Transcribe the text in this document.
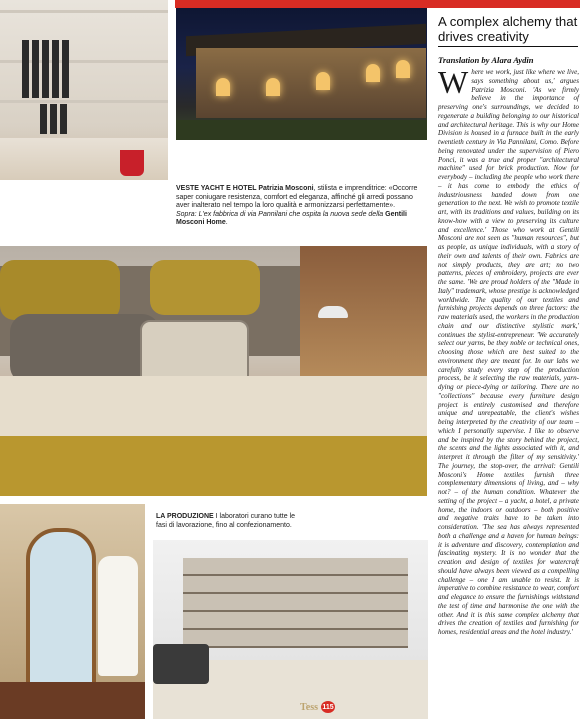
VESTE YACHT E HOTEL Patrizia Mosconi, stilista e imprenditrice: «Occorre saper coniugare resistenza, comfort ed eleganza, affinché gli arredi possano aver inalterato nel tempo la loro qualità e armonizzarsi perfettamente».
Sopra: L'ex fabbrica di via Pannilani che ospita la nuova sede della Gentili Mosconi Home.
LA PRODUZIONE I laboratori curano tutte le fasi di lavorazione, fino al confezionamento.
A complex alchemy that drives creativity
Translation by Alara Aydin
Where we work, just like where we live, says something about us,' argues Patrizia Mosconi. 'As we firmly believe in the importance of preserving one's surroundings, we decided to regenerate a building belonging to our historical and architectural heritage. This is why our Home Division is housed in a furnace built in the early twentieth century in Via Pannilani, Como. Before being renovated under the supervision of Piero Ponci, it was a true and proper "architectural machine" used for brick production. Now for everybody – including the people who work there – it has come to embody the ethics of industriousness handed down from one generation to the next. We wish to promote textile art, with its traditions and values, building on its know-how with a view to preserving its culture and excellence.' Those who work at Gentili Mosconi are not seen as "human resources", but as people, as unique individuals, with a story of their own and talents of their own. Fabrics are not simply products, they are art; no two patterns, pieces of embroidery, projects are ever the same. 'We are proud holders of the "Made in Italy" trademark, whose prestige is acknowledged worldwide. The quality of our textiles and furnishing projects depends on three factors: the raw materials used, the workers in the production chain and our distinctive stylistic mark,' continues the stylist-entrepreneur. 'We accurately select our yarns, be they noble or technical ones, choosing those which are best suited to the environment they are meant for. In our labs we carefully study every step of the production process, be it selecting the raw materials, yarn-dying or piece-dying or tailoring. There are no "collections" because every furniture design project is entirely customised and therefore unique and unrepeatable, the client's wishes being interpreted by the creativity of our team – which I personally supervise. I like to observe and be inspired by the story behind the project, the scents and the lights associated with it, and interpret it through the filter of my sensitivity.' The journey, the stop-over, the arrival: Gentili Mosconi's Home textiles furnish three complementary dimensions of living, and – why not? – of the human condition. Whatever the setting of the project – a yacht, a hotel, a private home, the indoors or outdoors – both positive and negative traits have to be taken into consideration. 'The sea has always represented both a challenge and a haven for human beings: it is adventure and discovery, contemplation and fascinating mystery. It is no wonder that the creation and design of textiles for watercraft should have always been viewed as a compelling challenge – one I am unable to resist. It is imperative to combine resistance to wear, comfort and elegance to ensure the furnishings withstand the test of time and harmonise the one with the other. And it is this same complex alchemy that drives the creation of textiles and furnishing for homes, residential areas and the hotel industry.'
Tess 115
